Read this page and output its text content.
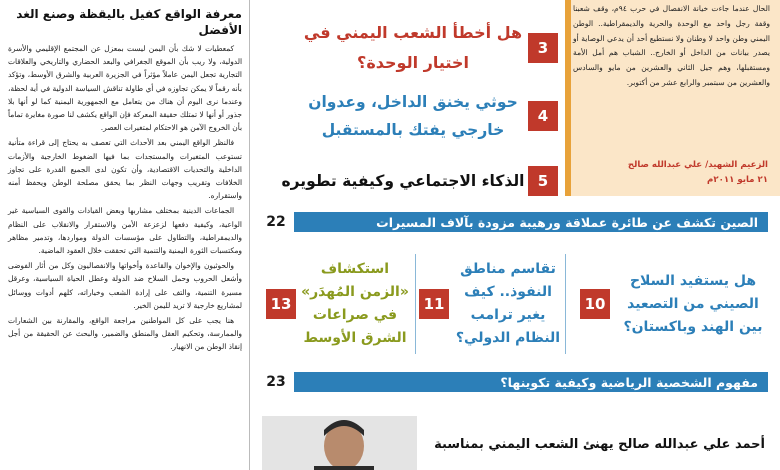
معرفة الواقع كفيل باليقظة وصنع الغد الأفضل

كمعطيات لا شك بأن اليمن ليست بمعزل عن المجتمع الإقليمي والأسرة الدولية، ولا ريب بأن الموقع الجغرافي والبعد الحضاري والتاريخي والعلاقات التجارية تجعل اليمن عاملاً مؤثراً في الجزيرة العربية والشرق الأوسط، وتؤكد بأنه رقماً لا يمكن تجاوزه في أي طاولة تناقش السياسة الدولية في أية لحظة، وعندما نرى اليوم أن هناك من يتعامل مع الجمهورية اليمنية كما لو أنها بلا جذور أو أنها لا تمتلك حقيقة المعركة فإن الواقع يكشف لنا صورة مغايرة تماماً بأن الخروج الآمن هو الاحتكام لمتغيرات العصر.

فالنظر الواقع اليمني بعد الأحداث التي تعصف به يحتاج إلى قراءة متأنية تستوعب المتغيرات والمستجدات بما فيها الضغوط الخارجية والأزمات الداخلية والتحديات الاقتصادية، وأن تكون لدى الجميع القدرة على تجاوز الخلافات وتقريب وجهات النظر بما يحقق مصلحة الوطن ويحفظ أمنه واستقراره.

الجماعات الدينية بمختلف مشاربها وبعض القيادات والقوى السياسية غير الواعية، وكيفية دفعها لزعزعة الأمن والاستقرار والانقلاب على النظام والديمقراطية، والتطاول على مؤسسات الدولة ومواردها، وتدمير مظاهر ومكتسبات الثورة اليمنية والتنمية التي تحققت خلال العقود الماضية.

والحوثيون والإخوان والقاعدة وأخواتها والانفصاليون وكل من أثار الفوضى وأشعل الحروب وحمل السلاح ضد الدولة وعطل الحياة السياسية، وعرقل مسيرة التنمية، والتف على إرادة الشعب وخياراته، كلهم أدوات ووسائل لمشاريع خارجية لا تريد لليمن الخير.

هنا يجب على كل المواطنين مراجعة الواقع، والمقارنة بين الشعارات والممارسة، وتحكيم العقل والمنطق والضمير، والبحث عن الحقيقة من أجل إنقاذ الوطن من الانهيار.

الحال عندما جاءت خيانة الانفصال في حرب ٩٤م، وقف شعبنا وقفة رجل واحد مع الوحدة والحرية والديمقراطية.. الوطن اليمني وطن واحد لا وطنان ولا نستطيع أحد أن يدعي الوصاية أو يصدر بيانات من الداخل أو الخارج.. الشباب هم أمل الأمة ومستقبلها، وهم جيل الثاني والعشرين من مايو والسادس والعشرين من سبتمبر والرابع عشر من أكتوبر.
الزعيم الشهيد/ علي عبدالله صالح
٢١ مايو ٢٠١١م
3
هل أخطأ الشعب اليمني في اختيار الوحدة؟
4
حوثي يخنق الداخل، وعدوان خارجي يفتك بالمستقبل
5
الذكاء الاجتماعي وكيفية تطويره
الصين تكشف عن طائرة عملاقة ورهيبة مزودة بآلاف المسيرات
22
هل يستفيد السلاح الصيني من التصعيد بين الهند وباكستان؟
10
تقاسم مناطق النفوذ.. كيف يغير ترامب النظام الدولي؟
11
استكشاف «الزمن المُهدَر» في صراعات الشرق الأوسط
13
مفهوم الشخصية الرياضية وكيفية تكوينها؟
23
أحمد علي عبدالله صالح يهنئ الشعب اليمني بمناسبة
